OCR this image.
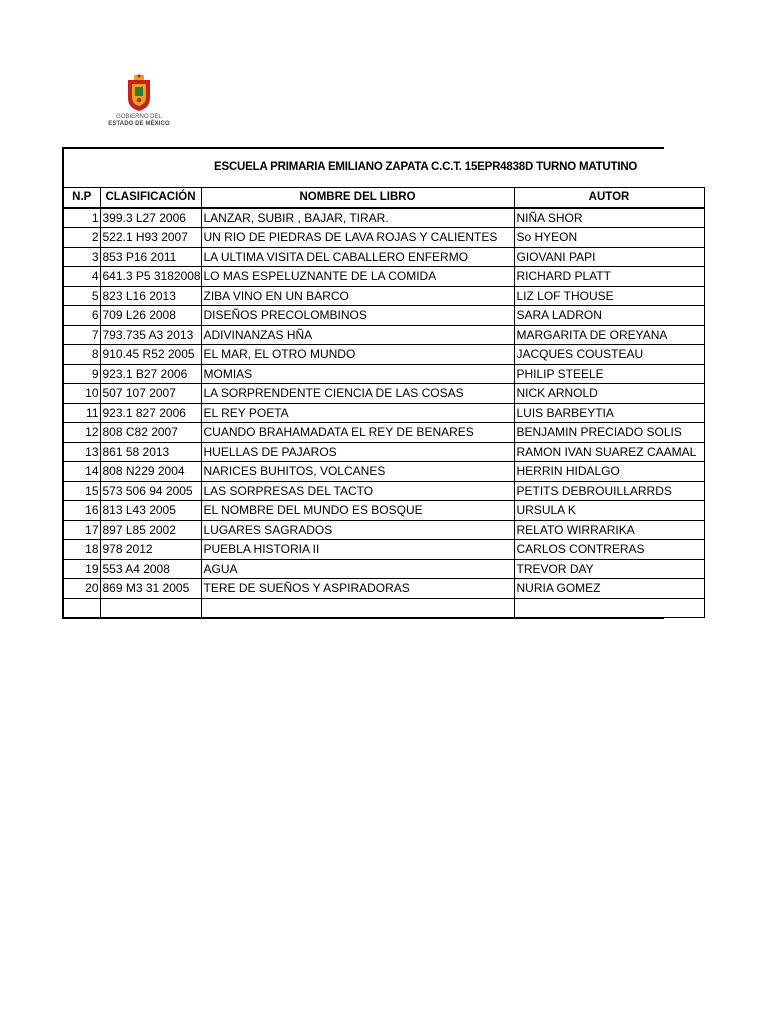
GOBIERNO DEL
ESTADO DE MÉXICO
ESCUELA PRIMARIA EMILIANO ZAPATA C.C.T. 15EPR4838D TURNO MATUTINO
N.P	CLASIFICACIÓN	NOMBRE DEL LIBRO	AUTOR
1	399.3 L27 2006	LANZAR, SUBIR , BAJAR, TIRAR.	NIÑA SHOR
2	522.1 H93 2007	UN RIO DE PIEDRAS DE LAVA ROJAS Y CALIENTES	So HYEON
3	853 P16 2011	LA ULTIMA VISITA DEL CABALLERO ENFERMO	GIOVANI PAPI
4	641.3 P5 3182008	LO MAS ESPELUZNANTE DE LA COMIDA	RICHARD PLATT
5	823 L16 2013	ZIBA VINO EN UN BARCO	LIZ LOF THOUSE
6	709 L26 2008	DISEÑOS PRECOLOMBINOS	SARA LADRON
7	793.735 A3 2013	ADIVINANZAS HÑA	MARGARITA DE OREYANA
8	910.45 R52 2005	EL MAR, EL OTRO MUNDO	JACQUES COUSTEAU
9	923.1 B27 2006	MOMIAS	PHILIP STEELE
10	507 107 2007	LA SORPRENDENTE CIENCIA DE LAS COSAS	NICK ARNOLD
11	923.1 827 2006	EL REY POETA	LUIS BARBEYTIA
12	808 C82 2007	CUANDO BRAHAMADATA EL REY DE BENARES	BENJAMIN PRECIADO SOLIS
13	861 58 2013	HUELLAS DE PAJAROS	RAMON IVAN SUAREZ CAAMAL
14	808 N229 2004	NARICES BUHITOS, VOLCANES	HERRIN HIDALGO
15	573 506 94 2005	LAS SORPRESAS DEL TACTO	PETITS DEBROUILLARRDS
16	813 L43 2005	EL NOMBRE DEL MUNDO ES BOSQUE	URSULA K
17	897 L85 2002	LUGARES SAGRADOS	RELATO WIRRARIKA
18	978 2012	PUEBLA HISTORIA II	CARLOS CONTRERAS
19	553 A4 2008	AGUA	TREVOR DAY
20	869 M3 31 2005	TERE DE SUEÑOS Y ASPIRADORAS	NURIA GOMEZ
